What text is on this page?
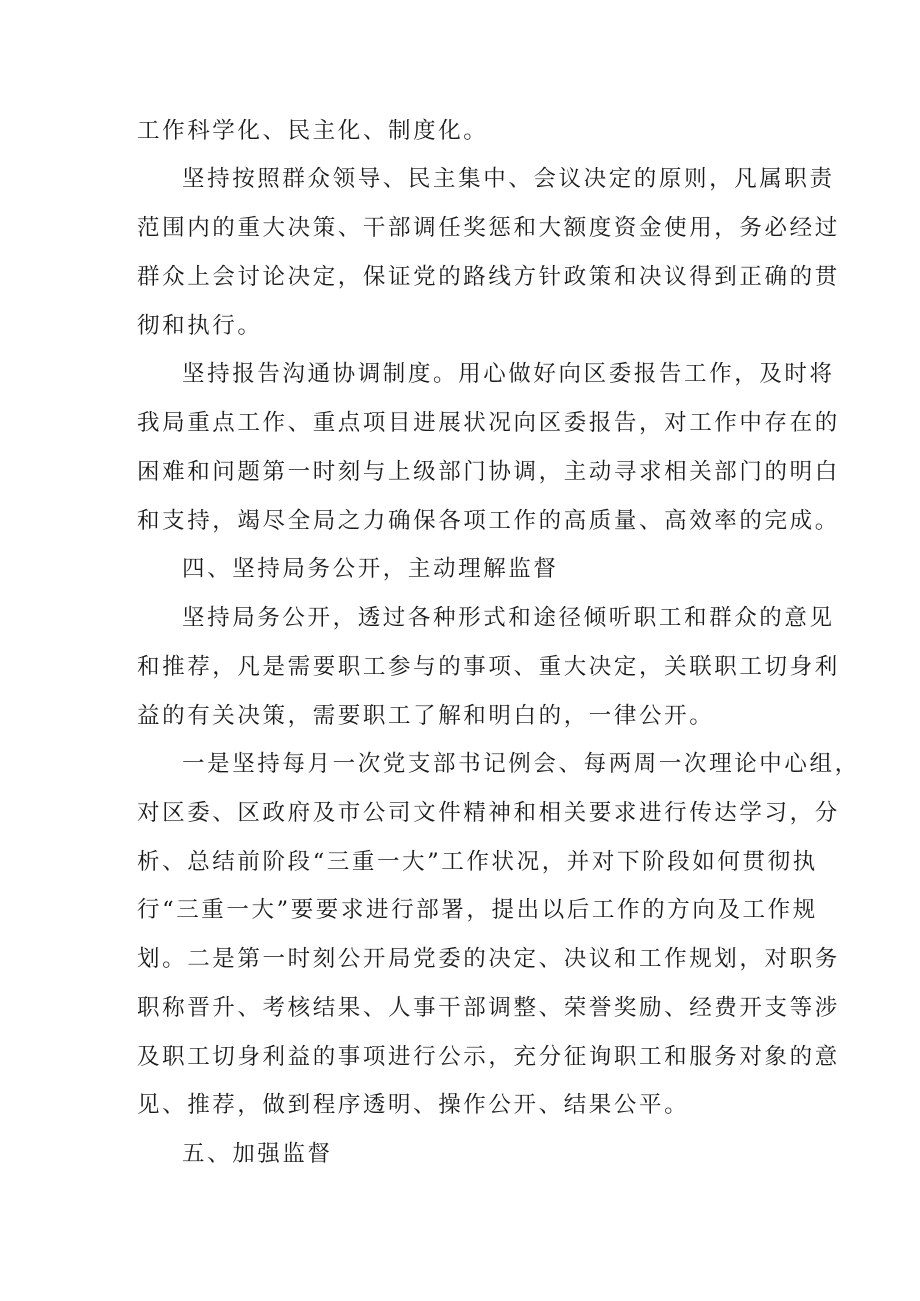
工作科学化、民主化、制度化。
坚持按照群众领导、民主集中、会议决定的原则，凡属职责
范围内的重大决策、干部调任奖惩和大额度资金使用，务必经过
群众上会讨论决定，保证党的路线方针政策和决议得到正确的贯
彻和执行。
坚持报告沟通协调制度。用心做好向区委报告工作，及时将
我局重点工作、重点项目进展状况向区委报告，对工作中存在的
困难和问题第一时刻与上级部门协调，主动寻求相关部门的明白
和支持，竭尽全局之力确保各项工作的高质量、高效率的完成。
四、坚持局务公开，主动理解监督
坚持局务公开，透过各种形式和途径倾听职工和群众的意见
和推荐，凡是需要职工参与的事项、重大决定，关联职工切身利
益的有关决策，需要职工了解和明白的，一律公开。
一是坚持每月一次党支部书记例会、每两周一次理论中心组，
对区委、区政府及市公司文件精神和相关要求进行传达学习，分
析、总结前阶段“三重一大”工作状况，并对下阶段如何贯彻执
行“三重一大”要要求进行部署，提出以后工作的方向及工作规
划。二是第一时刻公开局党委的决定、决议和工作规划，对职务
职称晋升、考核结果、人事干部调整、荣誉奖励、经费开支等涉
及职工切身利益的事项进行公示，充分征询职工和服务对象的意
见、推荐，做到程序透明、操作公开、结果公平。
五、加强监督
